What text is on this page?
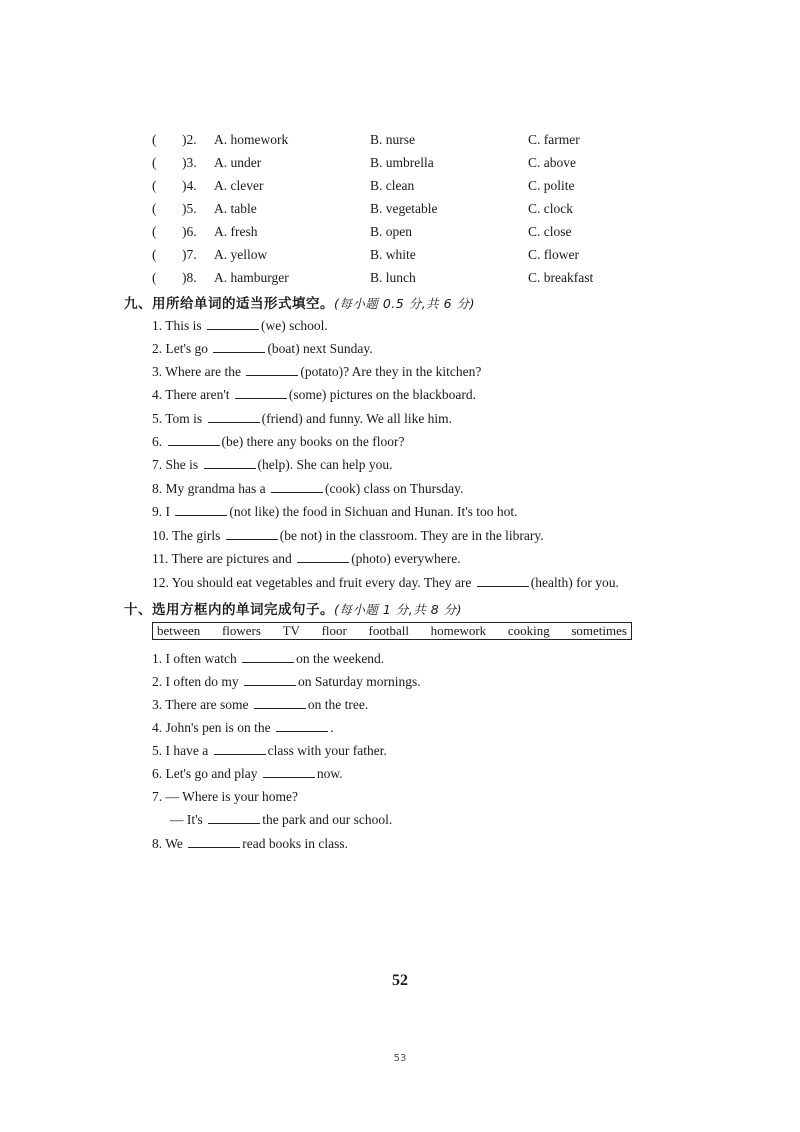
( )2. A. homework	B. nurse	C. farmer
( )3. A. under	B. umbrella	C. above
( )4. A. clever	B. clean	C. polite
( )5. A. table	B. vegetable	C. clock
( )6. A. fresh	B. open	C. close
( )7. A. yellow	B. white	C. flower
( )8. A. hamburger	B. lunch	C. breakfast
九、用所给单词的适当形式填空。(每小题 0.5 分,共 6 分)
1. This is	(we) school.
2. Let's go	(boat) next Sunday.
3. Where are the	(potato)? Are they in the kitchen?
4. There aren't	(some) pictures on the blackboard.
5. Tom is	(friend) and funny. We all like him.
6.	(be) there any books on the floor?
7. She is	(help). She can help you.
8. My grandma has a	(cook) class on Thursday.
9. I	(not like) the food in Sichuan and Hunan. It's too hot.
10. The girls	(be not) in the classroom. They are in the library.
11. There are pictures and	(photo) everywhere.
12. You should eat vegetables and fruit every day. They are	(health) for you.
十、选用方框内的单词完成句子。(每小题 1 分,共 8 分)
between flowers TV floor football homework cooking sometimes
1. I often watch	on the weekend.
2. I often do my	on Saturday mornings.
3. There are some	on the tree.
4. John's pen is on the	.
5. I have a	class with your father.
6. Let's go and play	now.
7. — Where is your home?
— It's	the park and our school.
8. We	read books in class.
52
53
